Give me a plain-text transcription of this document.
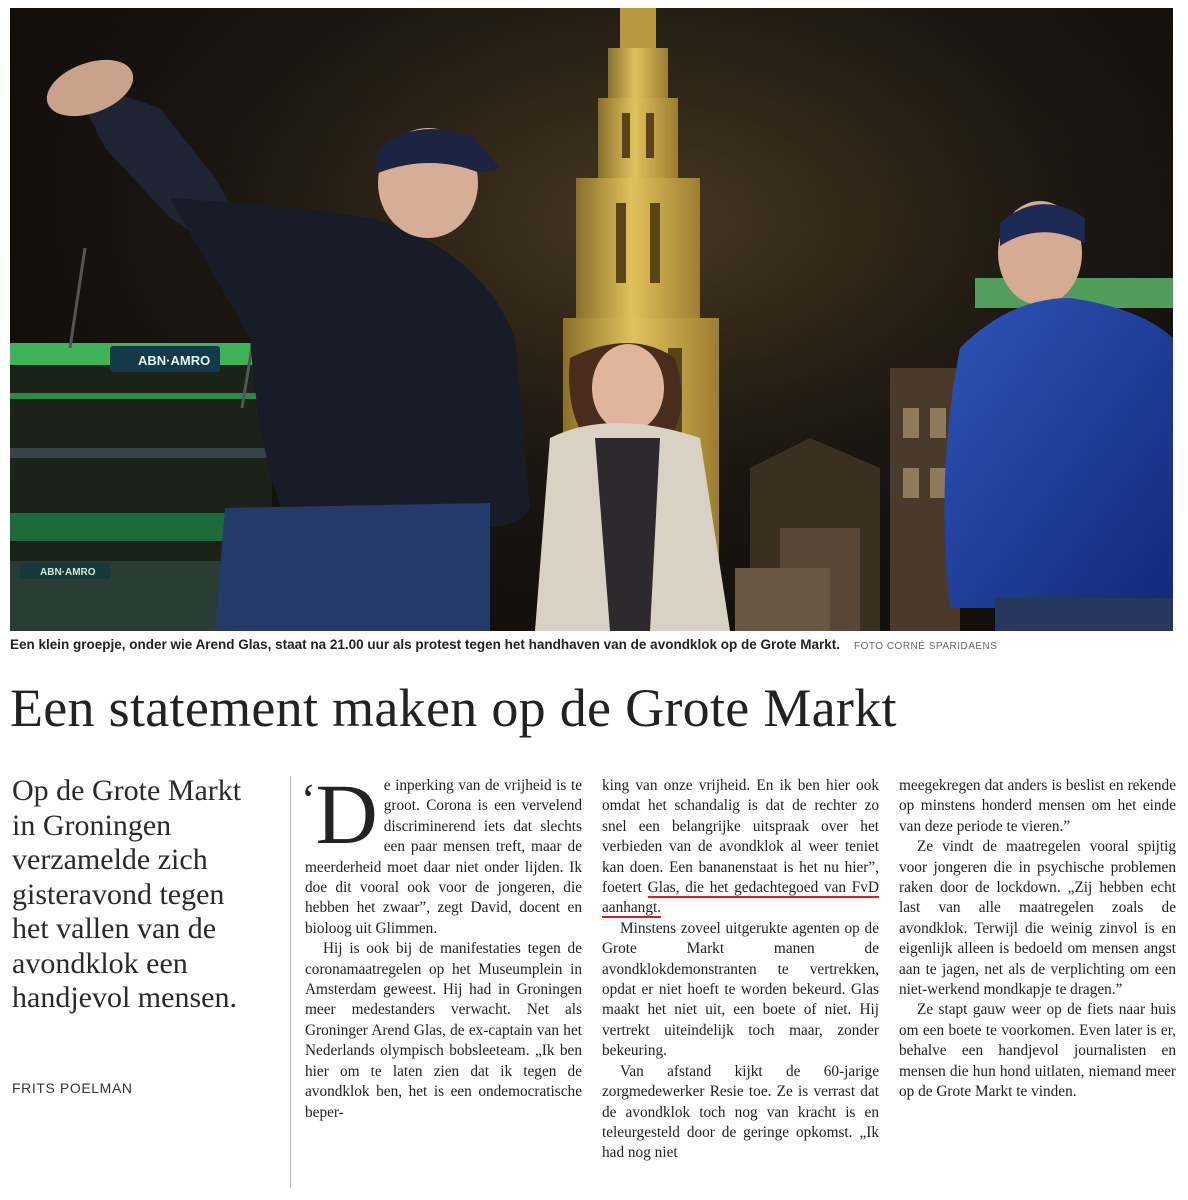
ABN·AMRO
ABN·AMRO
Een klein groepje, onder wie Arend Glas, staat na 21.00 uur als protest tegen het handhaven van de avondklok op de Grote Markt. FOTO CORNÉ SPARIDAENS
Een statement maken op de Grote Markt
Op de Grote Markt in Groningen verzamelde zich gisteravond tegen het vallen van de avondklok een handjevol mensen.
FRITS POELMAN

‘D e inperking van de vrijheid is te groot. Corona is een vervelend discriminerend iets dat slechts een paar mensen treft, maar de meerderheid moet daar niet onder lijden. Ik doe dit vooral ook voor de jongeren, die hebben het zwaar”, zegt David, docent en bioloog uit Glimmen.

Hij is ook bij de manifestaties tegen de coronamaatregelen op het Museumplein in Amsterdam geweest. Hij had in Groningen meer medestanders verwacht. Net als Groninger Arend Glas, de ex-captain van het Nederlands olympisch bobsleeteam. „Ik ben hier om te laten zien dat ik tegen de avondklok ben, het is een ondemocratische beper-

king van onze vrijheid. En ik ben hier ook omdat het schandalig is dat de rechter zo snel een belangrijke uitspraak over het verbieden van de avondklok al weer teniet kan doen. Een bananenstaat is het nu hier”, foetert Glas, die het gedachtegoed van FvD aanhangt.

Minstens zoveel uitgerukte agenten op de Grote Markt manen de avondklokdemonstranten te vertrekken, opdat er niet hoeft te worden bekeurd. Glas maakt het niet uit, een boete of niet. Hij vertrekt uiteindelijk toch maar, zonder bekeuring.

Van afstand kijkt de 60-jarige zorgmedewerker Resie toe. Ze is verrast dat de avondklok toch nog van kracht is en teleurgesteld door de geringe opkomst. „Ik had nog niet

meegekregen dat anders is beslist en rekende op minstens honderd mensen om het einde van deze periode te vieren.”

Ze vindt de maatregelen vooral spijtig voor jongeren die in psychische problemen raken door de lockdown. „Zij hebben echt last van alle maatregelen zoals de avondklok. Terwijl die weinig zinvol is en eigenlijk alleen is bedoeld om mensen angst aan te jagen, net als de verplichting om een niet-werkend mondkapje te dragen.”

Ze stapt gauw weer op de fiets naar huis om een boete te voorkomen. Even later is er, behalve een handjevol journalisten en mensen die hun hond uitlaten, niemand meer op de Grote Markt te vinden.
